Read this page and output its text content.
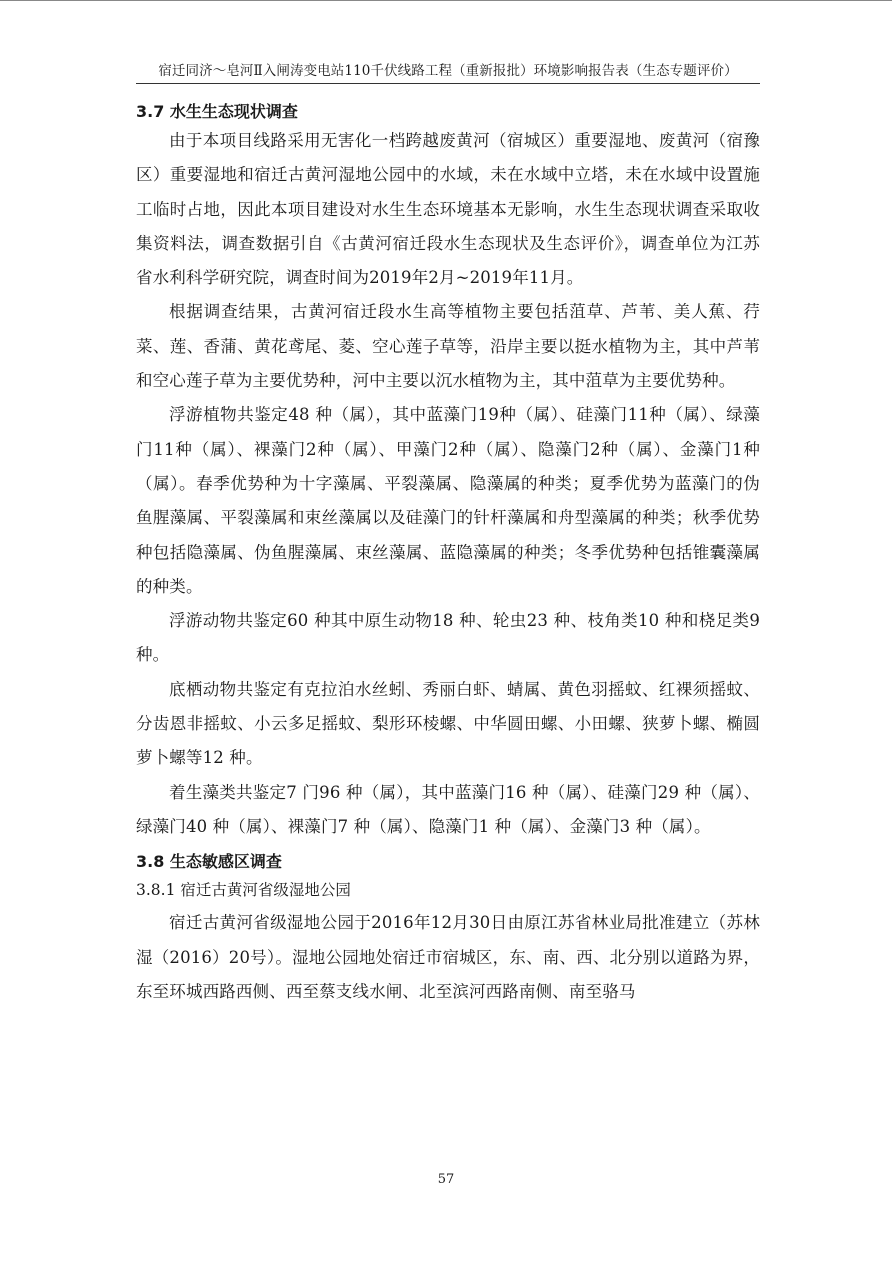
宿迁同济～皂河Ⅱ入闸涛变电站110千伏线路工程（重新报批）环境影响报告表（生态专题评价）
3.7 水生生态现状调查

由于本项目线路采用无害化一档跨越废黄河（宿城区）重要湿地、废黄河（宿豫区）重要湿地和宿迁古黄河湿地公园中的水域，未在水域中立塔，未在水域中设置施工临时占地，因此本项目建设对水生生态环境基本无影响，水生生态现状调查采取收集资料法，调查数据引自《古黄河宿迁段水生态现状及生态评价》，调查单位为江苏省水利科学研究院，调查时间为2019年2月~2019年11月。

根据调查结果，古黄河宿迁段水生高等植物主要包括菹草、芦苇、美人蕉、荇菜、莲、香蒲、黄花鸢尾、菱、空心莲子草等，沿岸主要以挺水植物为主，其中芦苇和空心莲子草为主要优势种，河中主要以沉水植物为主，其中菹草为主要优势种。

浮游植物共鉴定48 种（属），其中蓝藻门19种（属）、硅藻门11种（属）、绿藻门11种（属）、裸藻门2种（属）、甲藻门2种（属）、隐藻门2种（属）、金藻门1种（属）。春季优势种为十字藻属、平裂藻属、隐藻属的种类；夏季优势为蓝藻门的伪鱼腥藻属、平裂藻属和束丝藻属以及硅藻门的针杆藻属和舟型藻属的种类；秋季优势种包括隐藻属、伪鱼腥藻属、束丝藻属、蓝隐藻属的种类；冬季优势种包括锥囊藻属的种类。

浮游动物共鉴定60 种其中原生动物18 种、轮虫23 种、枝角类10 种和桡足类9 种。

底栖动物共鉴定有克拉泊水丝蚓、秀丽白虾、蜻属、黄色羽摇蚊、红裸须摇蚊、分齿恩非摇蚊、小云多足摇蚊、梨形环棱螺、中华圆田螺、小田螺、狭萝卜螺、椭圆萝卜螺等12 种。

着生藻类共鉴定7 门96 种（属），其中蓝藻门16 种（属）、硅藻门29 种（属）、绿藻门40 种（属）、裸藻门7 种（属）、隐藻门1 种（属）、金藻门3 种（属）。

3.8 生态敏感区调查
3.8.1 宿迁古黄河省级湿地公园

宿迁古黄河省级湿地公园于2016年12月30日由原江苏省林业局批准建立（苏林湿（2016）20号）。湿地公园地处宿迁市宿城区，东、南、西、北分别以道路为界，东至环城西路西侧、西至蔡支线水闸、北至滨河西路南侧、南至骆马

57
